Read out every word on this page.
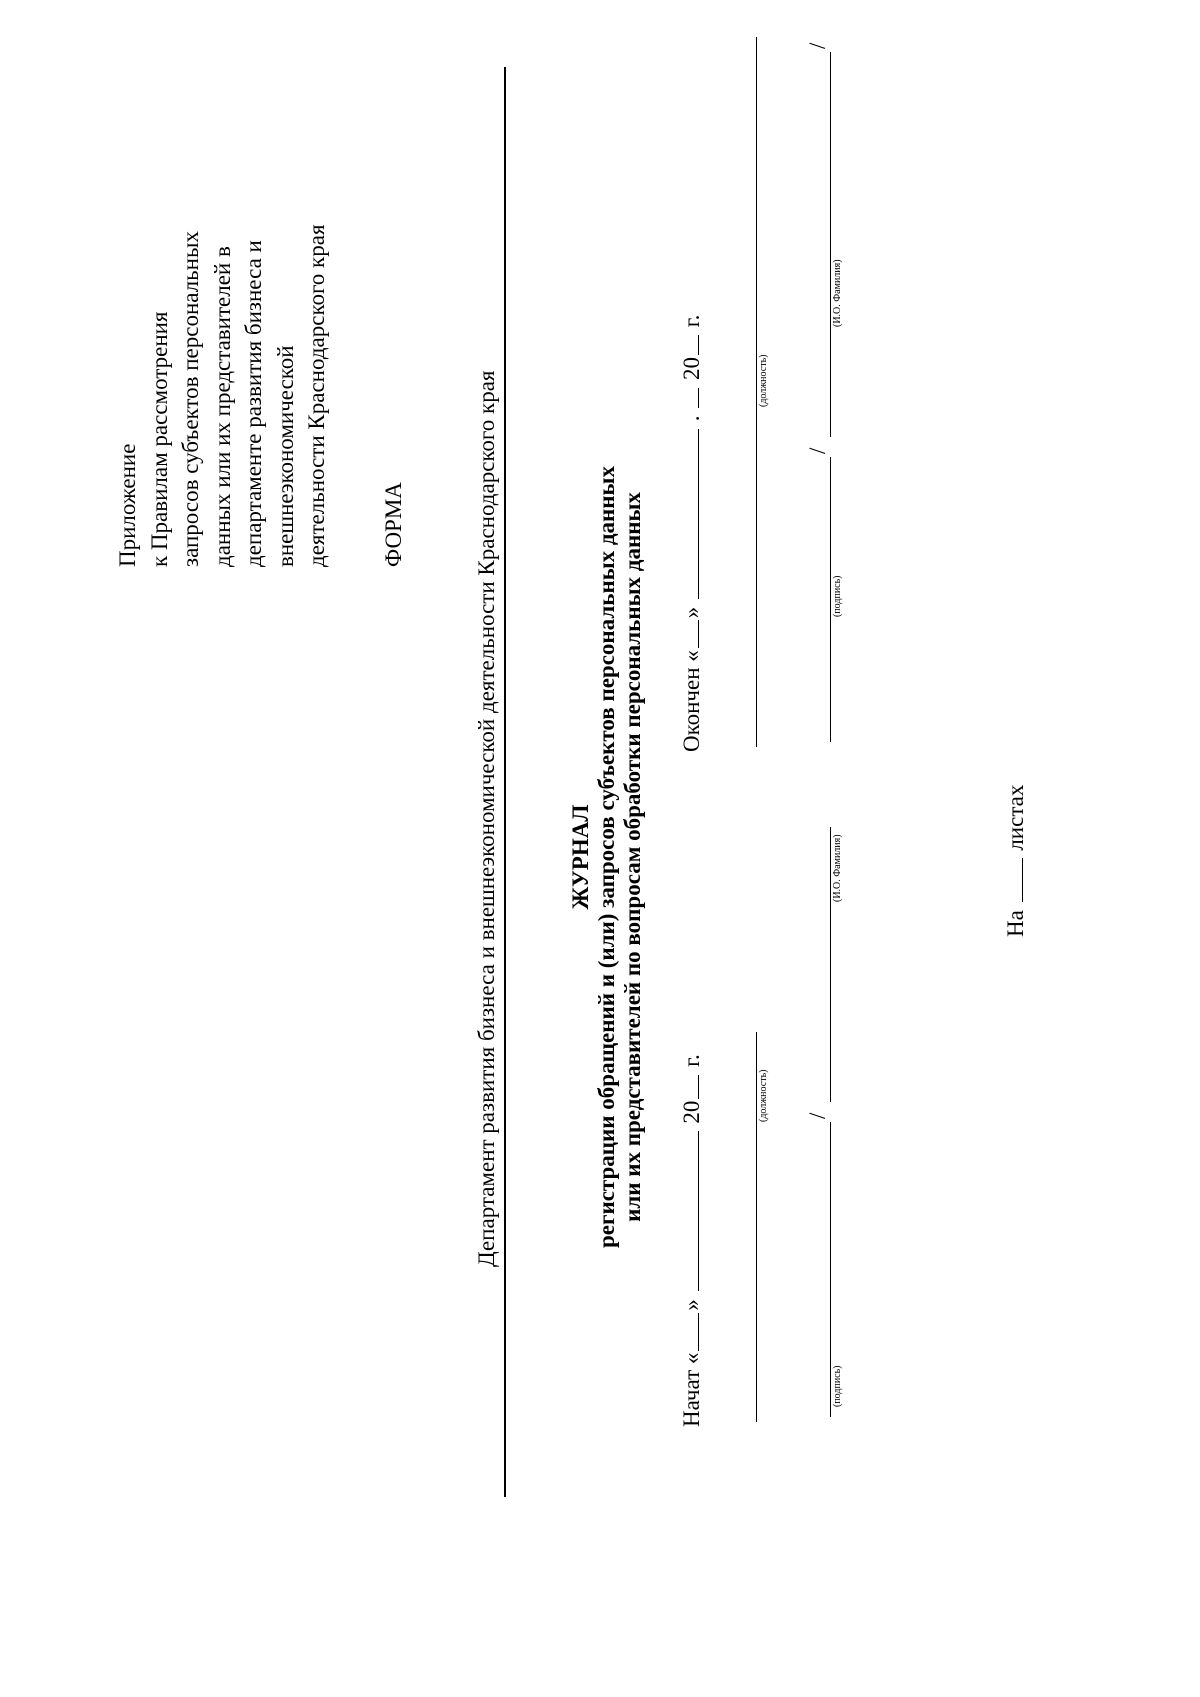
Приложение к Правилам рассмотрения запросов субъектов персональных данных или их представителей в департаменте развития бизнеса и внешнеэкономической деятельности Краснодарского края ФОРМА	Департамент развития бизнеса и внешнеэкономической деятельности Краснодарского края	ЖУРНАЛ регистрации обращений и (или) запросов субъектов персональных данных или их представителей по вопросам обработки персональных данных
Начат «»  20 г.
(должность) /
(подпись)
(И.О. Фамилия)
Окончен «»  .  20 г.
(должность)
/
/
(подпись)
(И.О. Фамилия)
На  листах
